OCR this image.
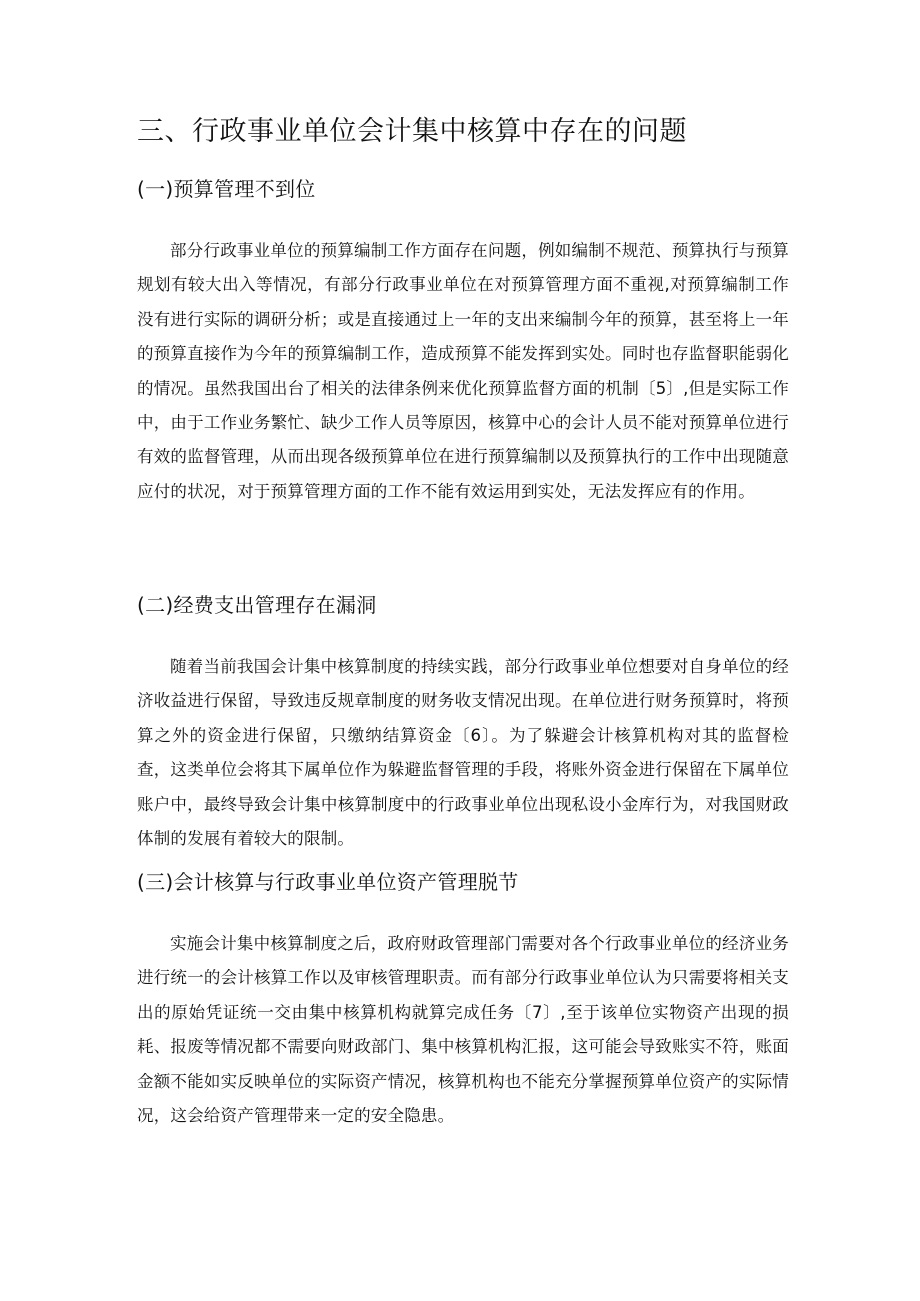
三、行政事业单位会计集中核算中存在的问题
(一)预算管理不到位

部分行政事业单位的预算编制工作方面存在问题，例如编制不规范、预算执行与预算规划有较大出入等情况，有部分行政事业单位在对预算管理方面不重视,对预算编制工作没有进行实际的调研分析；或是直接通过上一年的支出来编制今年的预算，甚至将上一年的预算直接作为今年的预算编制工作，造成预算不能发挥到实处。同时也存监督职能弱化的情况。虽然我国出台了相关的法律条例来优化预算监督方面的机制〔5〕,但是实际工作中，由于工作业务繁忙、缺少工作人员等原因，核算中心的会计人员不能对预算单位进行有效的监督管理，从而出现各级预算单位在进行预算编制以及预算执行的工作中出现随意应付的状况，对于预算管理方面的工作不能有效运用到实处，无法发挥应有的作用。

(二)经费支出管理存在漏洞

随着当前我国会计集中核算制度的持续实践，部分行政事业单位想要对自身单位的经济收益进行保留，导致违反规章制度的财务收支情况出现。在单位进行财务预算时，将预算之外的资金进行保留，只缴纳结算资金〔6〕。为了躲避会计核算机构对其的监督检查，这类单位会将其下属单位作为躲避监督管理的手段，将账外资金进行保留在下属单位账户中，最终导致会计集中核算制度中的行政事业单位出现私设小金库行为，对我国财政体制的发展有着较大的限制。

(三)会计核算与行政事业单位资产管理脱节

实施会计集中核算制度之后，政府财政管理部门需要对各个行政事业单位的经济业务进行统一的会计核算工作以及审核管理职责。而有部分行政事业单位认为只需要将相关支出的原始凭证统一交由集中核算机构就算完成任务〔7〕,至于该单位实物资产出现的损耗、报废等情况都不需要向财政部门、集中核算机构汇报，这可能会导致账实不符，账面金额不能如实反映单位的实际资产情况，核算机构也不能充分掌握预算单位资产的实际情况，这会给资产管理带来一定的安全隐患。
